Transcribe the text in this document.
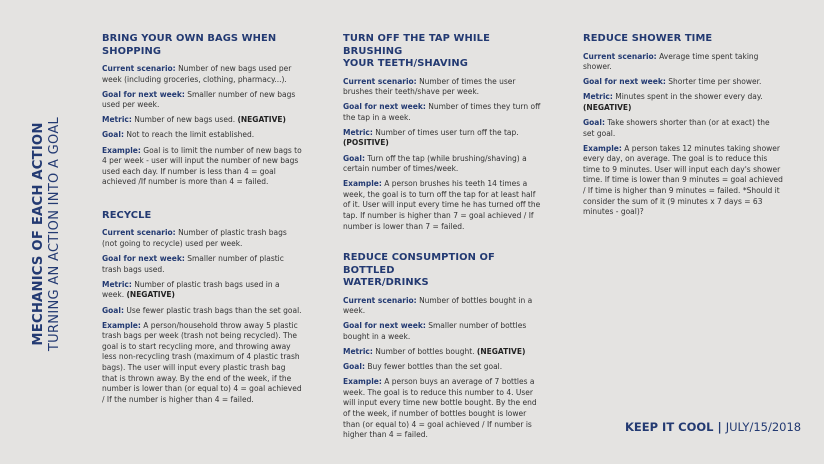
MECHANICS OF EACH ACTION TURNING AN ACTION INTO A GOAL
BRING YOUR OWN BAGS WHEN
SHOPPING

Current scenario: Number of new bags used per week (including groceries, clothing, pharmacy...).

Goal for next week: Smaller number of new bags used per week.

Metric: Number of new bags used. (NEGATIVE)

Goal: Not to reach the limit established.

Example: Goal is to limit the number of new bags to 4 per week - user will input the number of new bags used each day. If number is less than 4 = goal achieved /If number is more than 4 = failed.

RECYCLE

Current scenario: Number of plastic trash bags (not going to recycle) used per week.

Goal for next week: Smaller number of plastic trash bags used.

Metric: Number of plastic trash bags used in a week. (NEGATIVE)

Goal: Use fewer plastic trash bags than the set goal.

Example: A person/household throw away 5 plastic trash bags per week (trash not being recycled). The goal is to start recycling more, and throwing away less non-recycling trash (maximum of 4 plastic trash bags). The user will input every plastic trash bag that is thrown away. By the end of the week, if the number is lower than (or equal to) 4 = goal achieved / If the number is higher than 4 = failed.

TURN OFF THE TAP WHILE BRUSHING
YOUR TEETH/SHAVING

Current scenario: Number of times the user brushes their teeth/shave per week.

Goal for next week: Number of times they turn off the tap in a week.

Metric: Number of times user turn off the tap. (POSITIVE)

Goal: Turn off the tap (while brushing/shaving) a certain number of times/week.

Example: A person brushes his teeth 14 times a week, the goal is to turn off the tap for at least half of it. User will input every time he has turned off the tap. If number is higher than 7 = goal achieved / If number is lower than 7 = failed.

REDUCE CONSUMPTION OF BOTTLED
WATER/DRINKS

Current scenario: Number of bottles bought in a week.

Goal for next week: Smaller number of bottles bought in a week.

Metric: Number of bottles bought. (NEGATIVE)

Goal: Buy fewer bottles than the set goal.

Example: A person buys an average of 7 bottles a week. The goal is to reduce this number to 4. User will input every time new bottle bought. By the end of the week, if number of bottles bought is lower than (or equal to) 4 = goal achieved / If number is higher than 4 = failed.

REDUCE SHOWER TIME

Current scenario: Average time spent taking shower.

Goal for next week: Shorter time per shower.

Metric: Minutes spent in the shower every day. (NEGATIVE)

Goal: Take showers shorter than (or at exact) the set goal.

Example: A person takes 12 minutes taking shower every day, on average. The goal is to reduce this time to 9 minutes. User will input each day's shower time. If time is lower than 9 minutes = goal achieved / If time is higher than 9 minutes = failed. *Should it consider the sum of it (9 minutes x 7 days = 63 minutes - goal)?

KEEP IT COOL | JULY/15/2018
